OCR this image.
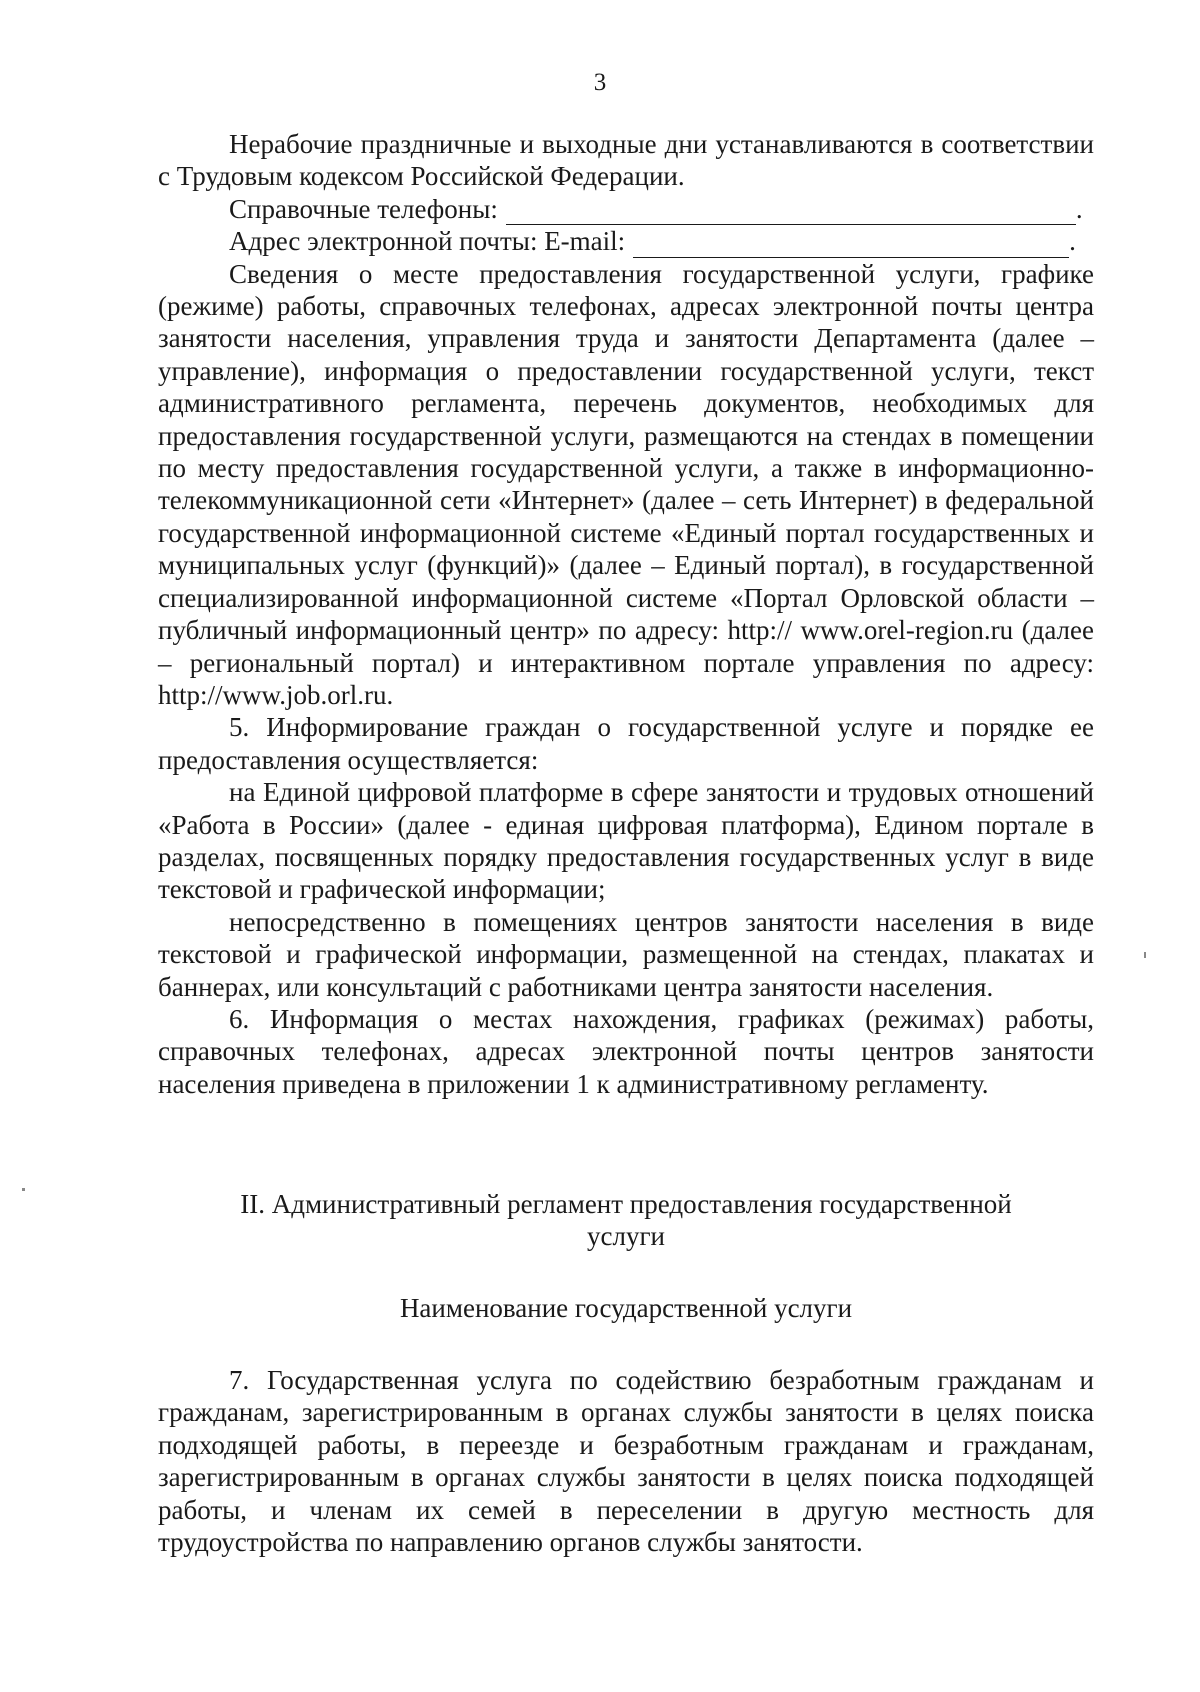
3

Нерабочие праздничные и выходные дни устанавливаются в соответствии с Трудовым кодексом Российской Федерации.

Справочные телефоны:	.
Адрес электронной почты: E-mail:	.

Сведения о месте предоставления государственной услуги, графике (режиме) работы, справочных телефонах, адресах электронной почты центра занятости населения, управления труда и занятости Департамента (далее – управление), информация о предоставлении государственной услуги, текст административного регламента, перечень документов, необходимых для предоставления государственной услуги, размещаются на стендах в помещении по месту предоставления государственной услуги, а также в информационно-телекоммуникационной сети «Интернет» (далее – сеть Интернет) в федеральной государственной информационной системе «Единый портал государственных и муниципальных услуг (функций)» (далее – Единый портал), в государственной специализированной информационной системе «Портал Орловской области – публичный информационный центр» по адресу: http:// www.orel-region.ru (далее – региональный портал) и интерактивном портале управления по адресу: http://www.job.orl.ru.

5. Информирование граждан о государственной услуге и порядке ее предоставления осуществляется:

на Единой цифровой платформе в сфере занятости и трудовых отношений «Работа в России» (далее - единая цифровая платформа), Едином портале в разделах, посвященных порядку предоставления государственных услуг в виде текстовой и графической информации;

непосредственно в помещениях центров занятости населения в виде текстовой и графической информации, размещенной на стендах, плакатах и баннерах, или консультаций с работниками центра занятости населения.

6. Информация о местах нахождения, графиках (режимах) работы, справочных телефонах, адресах электронной почты центров занятости населения приведена в приложении 1 к административному регламенту.

II. Административный регламент предоставления государственной

услуги

Наименование государственной услуги

7. Государственная услуга по содействию безработным гражданам и гражданам, зарегистрированным в органах службы занятости в целях поиска подходящей работы, в переезде и безработным гражданам и гражданам, зарегистрированным в органах службы занятости в целях поиска подходящей работы, и членам их семей в переселении в другую местность для трудоустройства по направлению органов службы занятости.
